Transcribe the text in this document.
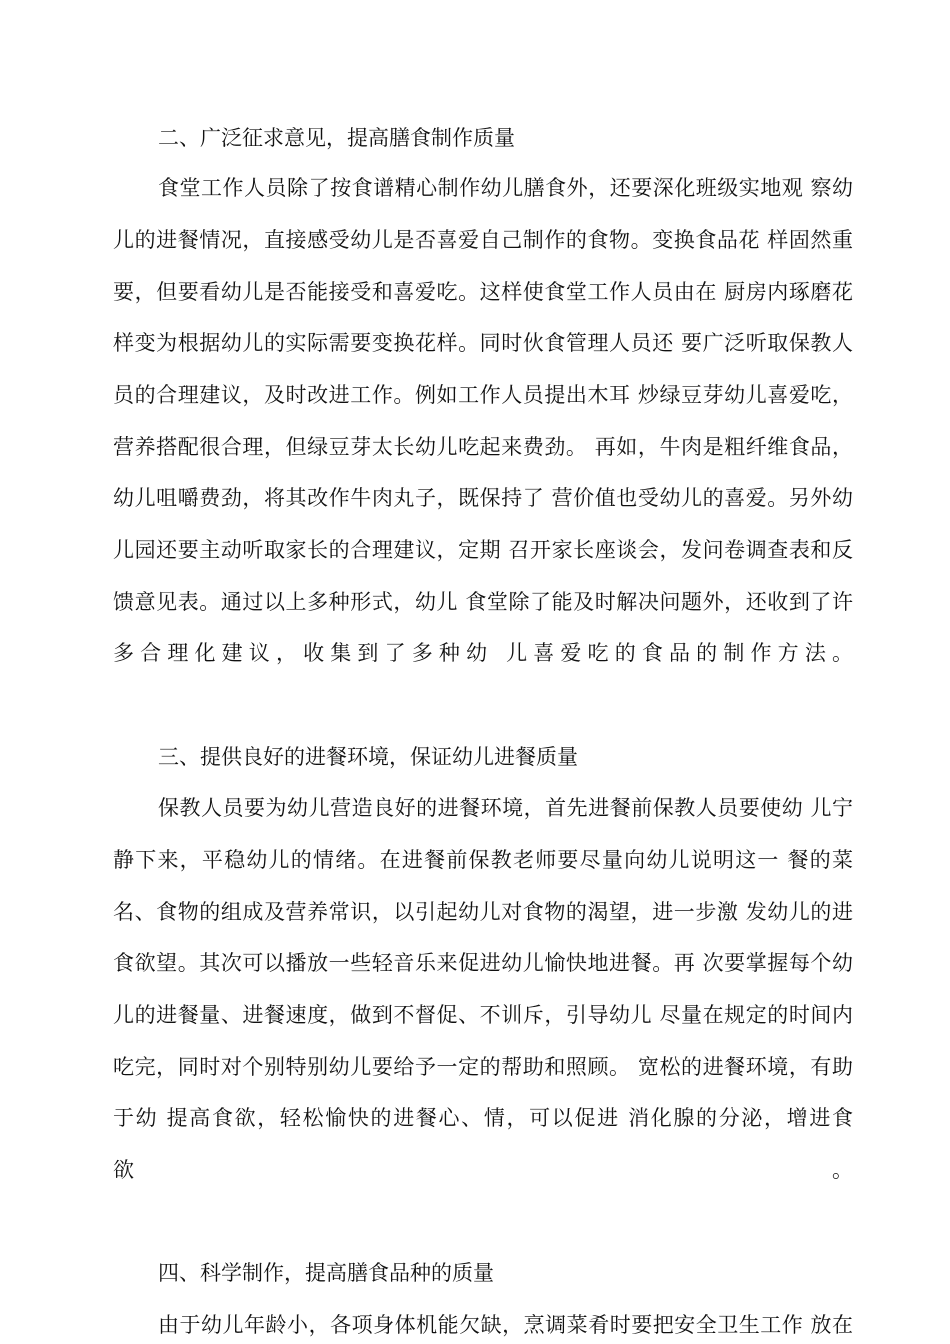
二、广泛征求意见，提高膳食制作质量
食堂工作人员除了按食谱精心制作幼儿膳食外，还要深化班级实地观 察幼
儿的进餐情况，直接感受幼儿是否喜爱自己制作的食物。变换食品花 样固然重
要，但要看幼儿是否能接受和喜爱吃。这样使食堂工作人员由在 厨房内琢磨花
样变为根据幼儿的实际需要变换花样。同时伙食管理人员还 要广泛听取保教人
员的合理建议，及时改进工作。例如工作人员提出木耳 炒绿豆芽幼儿喜爱吃，
营养搭配很合理，但绿豆芽太长幼儿吃起来费劲。 再如，牛肉是粗纤维食品，
幼儿咀嚼费劲，将其改作牛肉丸子，既保持了 营价值也受幼儿的喜爱。另外幼
儿园还要主动听取家长的合理建议，定期 召开家长座谈会，发问卷调查表和反
馈意见表。通过以上多种形式，幼儿 食堂除了能及时解决问题外，还收到了许
多合理化建议，收集到了多种幼 儿喜爱吃的食品的制作方法。
三、提供良好的进餐环境，保证幼儿进餐质量
保教人员要为幼儿营造良好的进餐环境，首先进餐前保教人员要使幼 儿宁
静下来，平稳幼儿的情绪。在进餐前保教老师要尽量向幼儿说明这一 餐的菜
名、食物的组成及营养常识，以引起幼儿对食物的渴望，进一步激 发幼儿的进
食欲望。其次可以播放一些轻音乐来促进幼儿愉快地进餐。再 次要掌握每个幼
儿的进餐量、进餐速度，做到不督促、不训斥，引导幼儿 尽量在规定的时间内
吃完，同时对个别特别幼儿要给予一定的帮助和照顾。 宽松的进餐环境，有助
于幼 提高食欲，轻松愉快的进餐心、情，可以促进 消化腺的分泌，增进食
欲。
四、科学制作，提高膳食品种的质量
由于幼儿年龄小，各项身体机能欠缺，烹调菜肴时要把安全卫生工作 放在
